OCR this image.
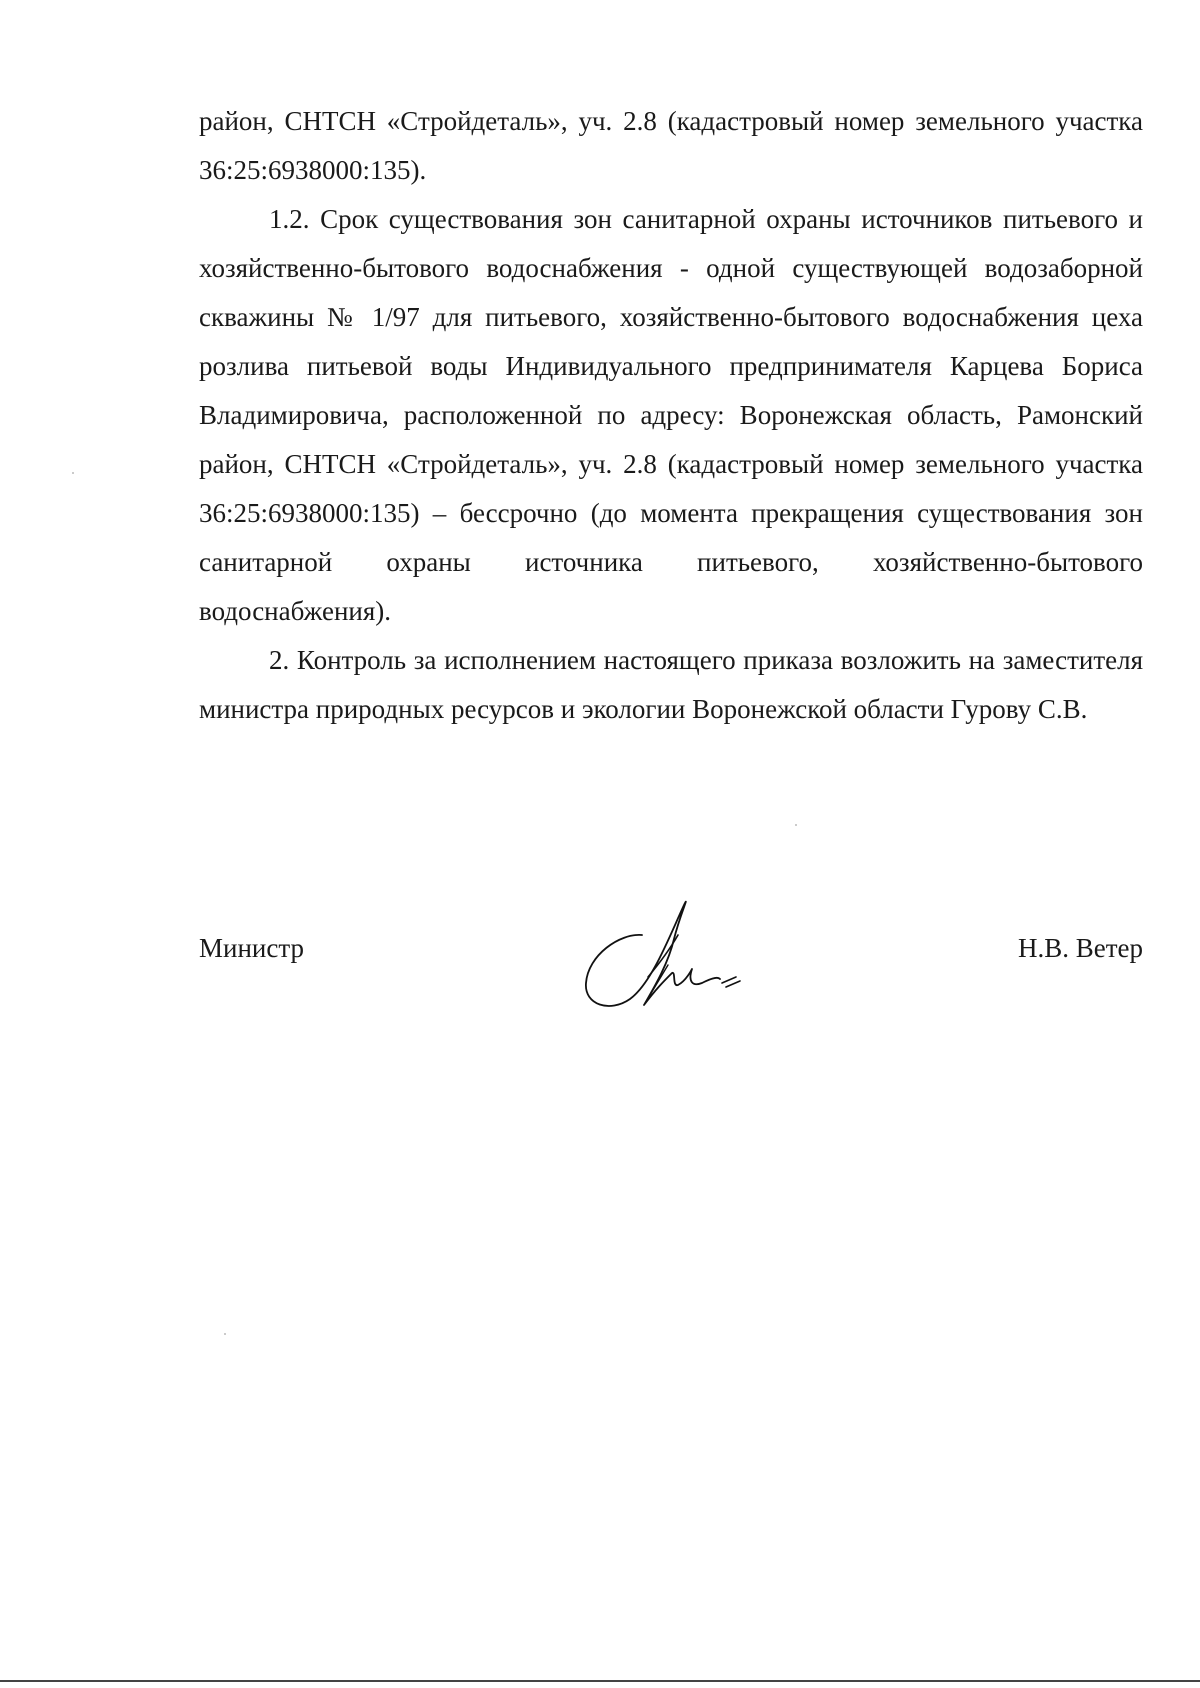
район, СНТСН «Стройдеталь», уч. 2.8 (кадастровый номер земельного участка 36:25:6938000:135).

1.2. Срок существования зон санитарной охраны источников питьевого и хозяйственно-бытового водоснабжения - одной существующей водозаборной скважины № 1/97 для питьевого, хозяйственно-бытового водоснабжения цеха розлива питьевой воды Индивидуального предпринимателя Карцева Бориса Владимировича, расположенной по адресу: Воронежская область, Рамонский район, СНТСН «Стройдеталь», уч. 2.8 (кадастровый номер земельного участка 36:25:6938000:135) – бессрочно (до момента прекращения существования зон санитарной охраны источника питьевого, хозяйственно-бытового водоснабжения).

2. Контроль за исполнением настоящего приказа возложить на заместителя министра природных ресурсов и экологии Воронежской области Гурову С.В.

Министр	Н.В. Ветер
